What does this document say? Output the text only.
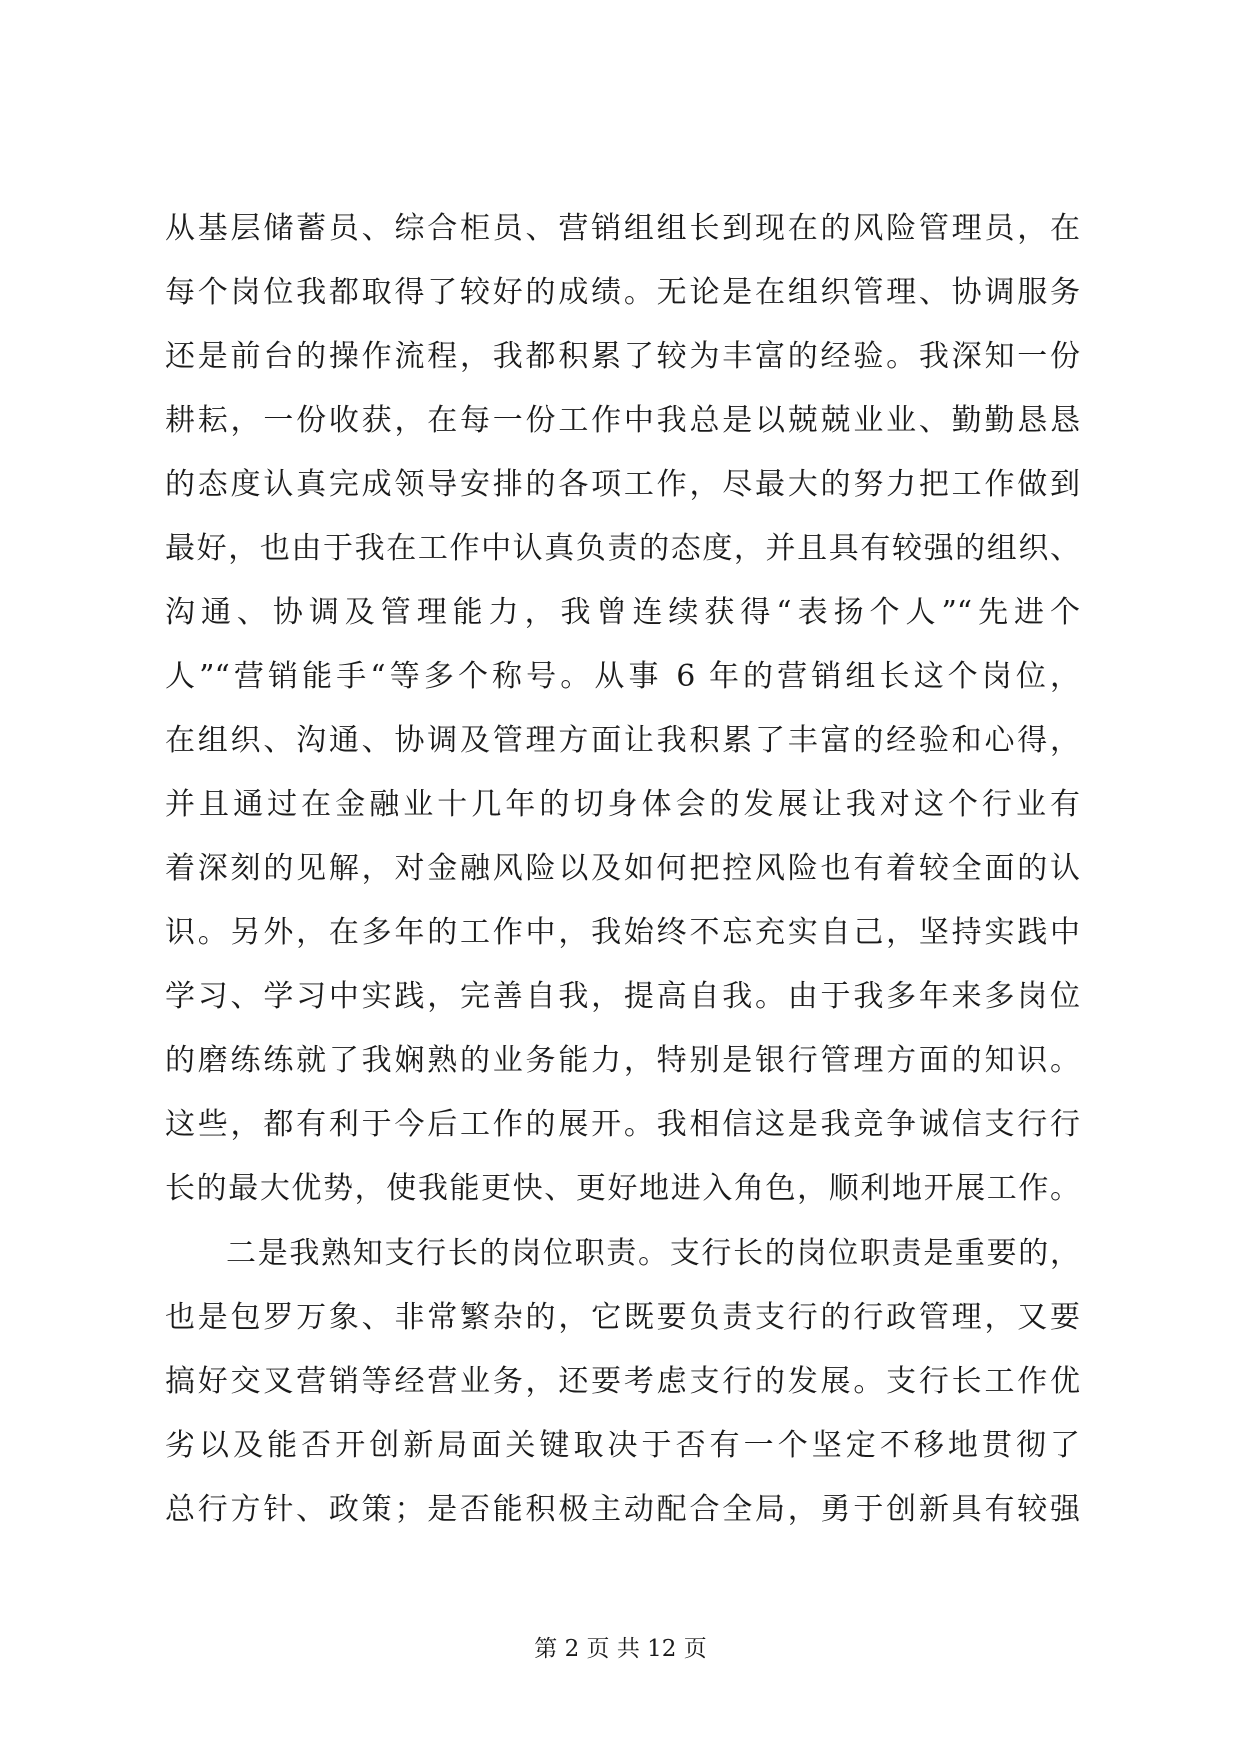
从基层储蓄员、综合柜员、营销组组长到现在的风险管理员，在
每个岗位我都取得了较好的成绩。无论是在组织管理、协调服务
还是前台的操作流程，我都积累了较为丰富的经验。我深知一份
耕耘，一份收获，在每一份工作中我总是以兢兢业业、勤勤恳恳
的态度认真完成领导安排的各项工作，尽最大的努力把工作做到
最好，也由于我在工作中认真负责的态度，并且具有较强的组织、
沟通、协调及管理能力，我曾连续获得“表扬个人”“先进个
人”“营销能手“等多个称号。从事 6 年的营销组长这个岗位，
在组织、沟通、协调及管理方面让我积累了丰富的经验和心得，
并且通过在金融业十几年的切身体会的发展让我对这个行业有
着深刻的见解，对金融风险以及如何把控风险也有着较全面的认
识。另外，在多年的工作中，我始终不忘充实自己，坚持实践中
学习、学习中实践，完善自我，提高自我。由于我多年来多岗位
的磨练练就了我娴熟的业务能力，特别是银行管理方面的知识。
这些，都有利于今后工作的展开。我相信这是我竞争诚信支行行
长的最大优势，使我能更快、更好地进入角色，顺利地开展工作。
二是我熟知支行长的岗位职责。支行长的岗位职责是重要的，
也是包罗万象、非常繁杂的，它既要负责支行的行政管理，又要
搞好交叉营销等经营业务，还要考虑支行的发展。支行长工作优
劣以及能否开创新局面关键取决于否有一个坚定不移地贯彻了
总行方针、政策；是否能积极主动配合全局，勇于创新具有较强
第 2 页 共 12 页
